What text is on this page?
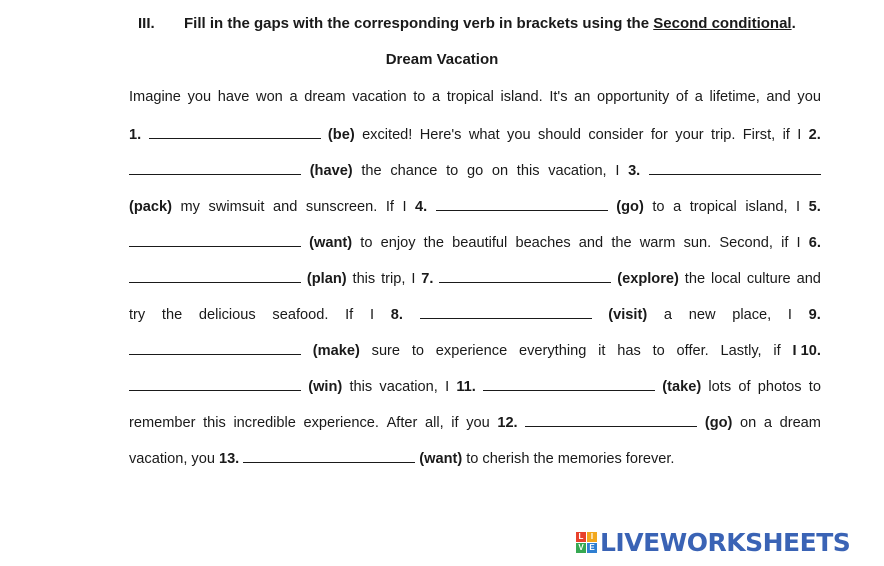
III. Fill in the gaps with the corresponding verb in brackets using the Second conditional.
Dream Vacation
Imagine you have won a dream vacation to a tropical island. It's an opportunity of a lifetime, and you
1.	(be) excited! Here's what you should consider for your trip. First, if I 2.
(have) the chance to go on this vacation, I 3.
(pack) my swimsuit and sunscreen. If I 4.	(go) to a tropical island, I 5.
(want) to enjoy the beautiful beaches and the warm sun. Second, if I 6.
(plan) this trip, I 7.	(explore) the local culture and
try the delicious seafood. If I 8.	(visit) a new place, I 9.
(make) sure to experience everything it has to offer. Lastly, if I 10.
(win) this vacation, I 11.	(take) lots of photos to
remember this incredible experience. After all, if you 12.	(go) on a dream
vacation, you 13.	(want) to cherish the memories forever.
L I
V E LIVEWORKSHEETS
